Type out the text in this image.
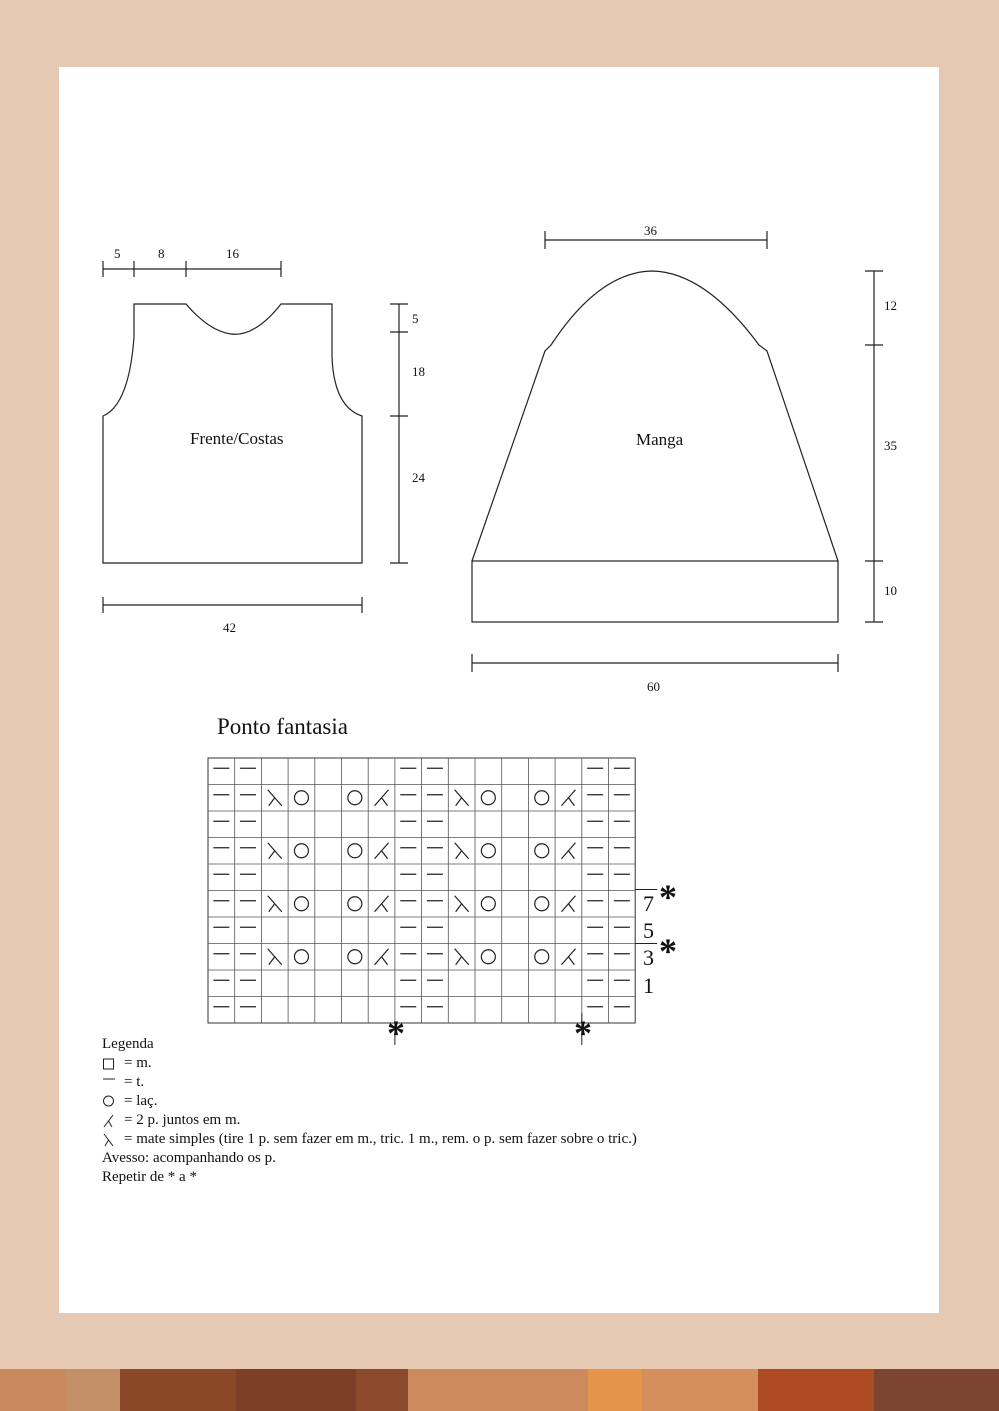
5	8	16
5
18
24
42
Frente/Costas
36
12
35
10
60
Manga
Ponto fantasia
7
5
3
1
*
*
*	*
Legenda
= m.
= t.
= laç.
= 2 p. juntos em m.
= mate simples (tire 1 p. sem fazer em m., tric. 1 m., rem. o p. sem fazer sobre o tric.)
Avesso: acompanhando os p.
Repetir de * a *
